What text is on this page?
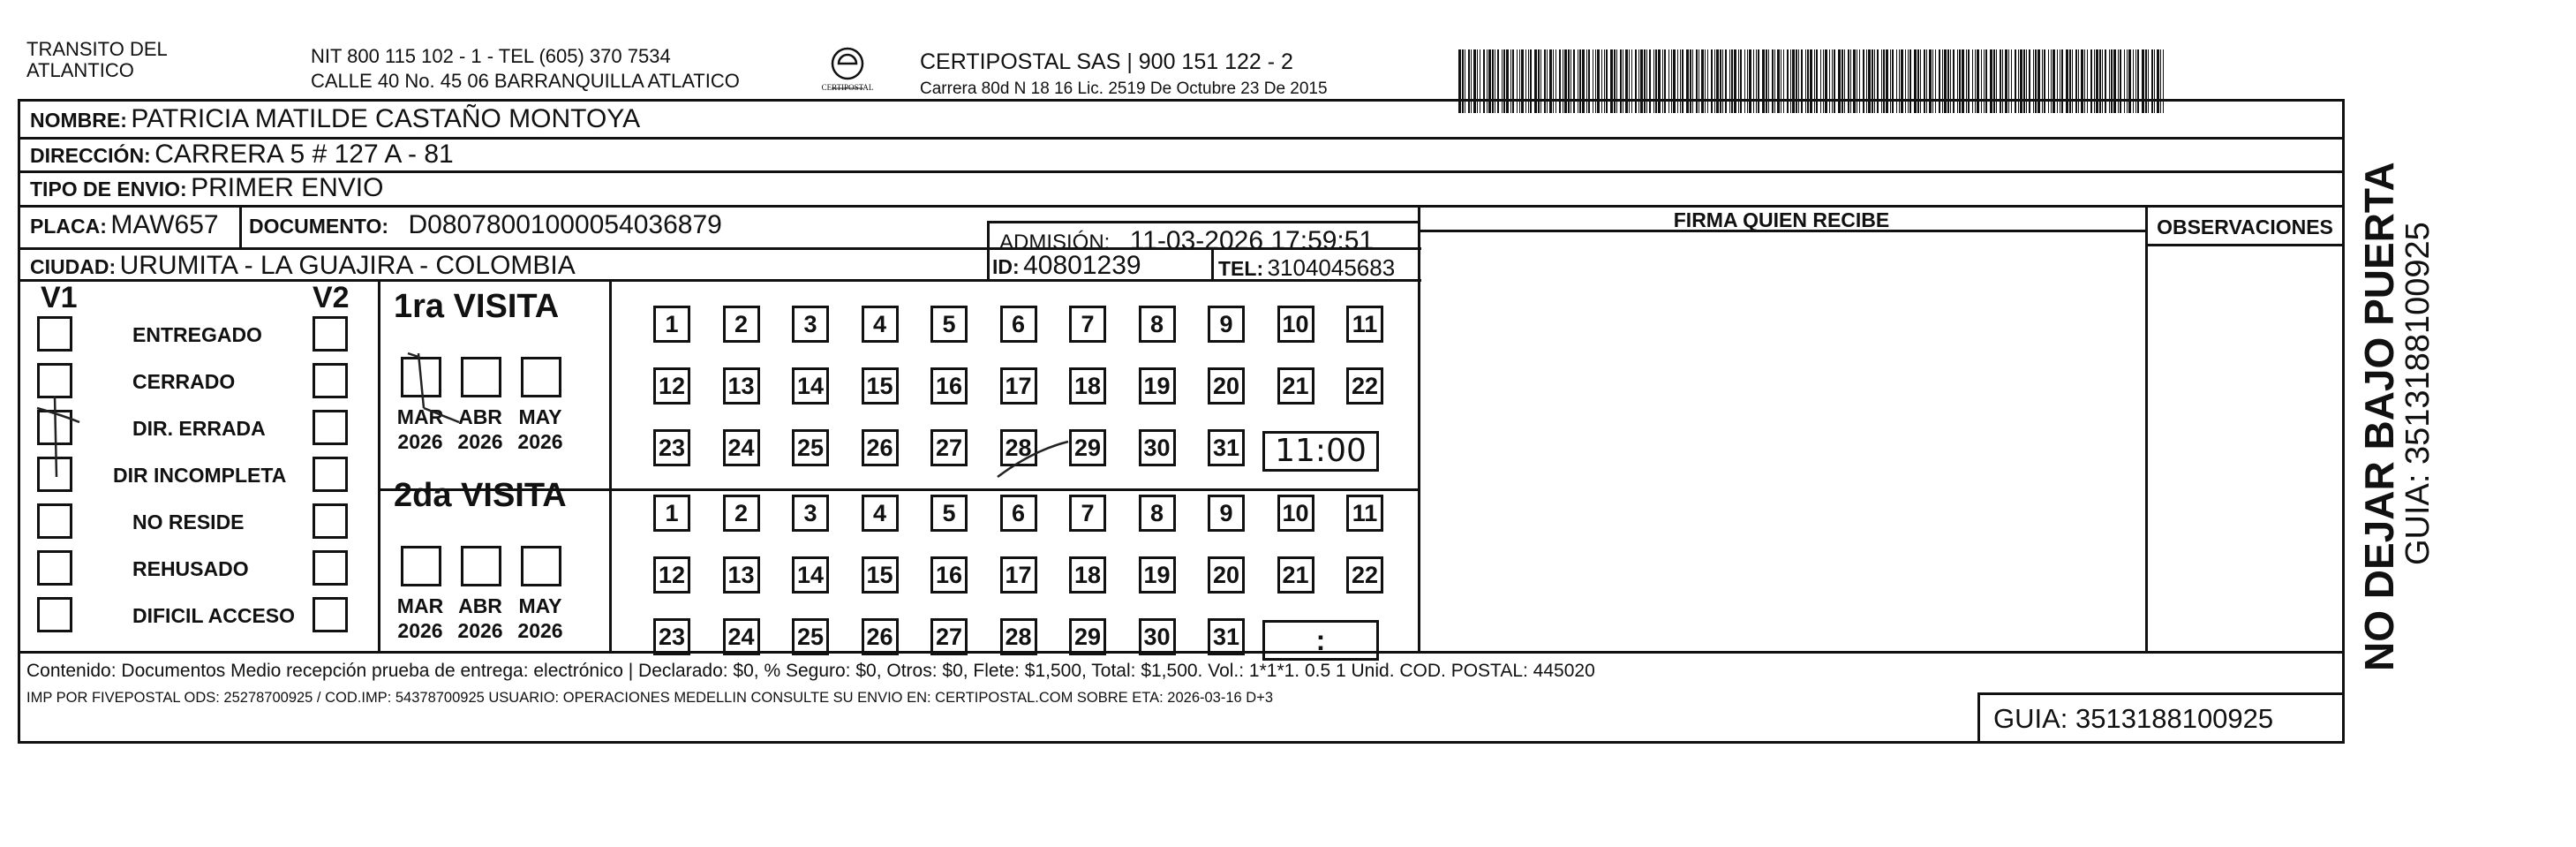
TRANSITO DEL
ATLANTICO
NIT 800 115 102 - 1 - TEL (605) 370 7534
CALLE 40 No. 45 06 BARRANQUILLA ATLATICO	CERTIPOSTAL
CERTIPOSTAL SAS | 900 151 122 - 2
Carrera 80d N 18 16 Lic. 2519 De Octubre 23 De 2015
NOMBRE: PATRICIA MATILDE CASTAÑO MONTOYA
DIRECCIÓN: CARRERA 5 # 127 A - 81
TIPO DE ENVIO: PRIMER ENVIO
PLACA: MAW657 DOCUMENTO: D08078001000054036879
ADMISIÓN: 11-03-2026 17:59:51
CIUDAD: URUMITA - LA GUAJIRA - COLOMBIA	ID: 40801239	TEL: 3104045683
FIRMA QUIEN RECIBE	OBSERVACIONES
V1	V2
ENTREGADO
CERRADO
DIR. ERRADA
DIR INCOMPLETA
NO RESIDE
REHUSADO
DIFICIL ACCESO
1ra VISITA
MAR
2026
ABR
2026
MAY
2026
1	2	3	4	5	6	7	8	9	10 11
12 13 14 15 16 17 18 19 20 21 22
23 24 25 26 27 28 29 30 31	11:00
2da VISITA
MAR
2026
ABR
2026
MAY
2026
1	2	3	4	5	6	7	8	9	10 11
12 13 14 15 16 17 18 19 20 21 22
23 24 25 26 27 28 29 30 31	:
Contenido: Documentos Medio recepción prueba de entrega: electrónico | Declarado: $0, % Seguro: $0, Otros: $0, Flete: $1,500, Total: $1,500. Vol.: 1*1*1. 0.5 1 Unid. COD. POSTAL: 445020
IMP POR FIVEPOSTAL ODS: 25278700925 / COD.IMP: 54378700925 USUARIO: OPERACIONES MEDELLIN CONSULTE SU ENVIO EN: CERTIPOSTAL.COM SOBRE ETA: 2026-03-16 D+3
GUIA: 3513188100925
NO DEJAR BAJO PUERTA
GUIA: 3513188100925
